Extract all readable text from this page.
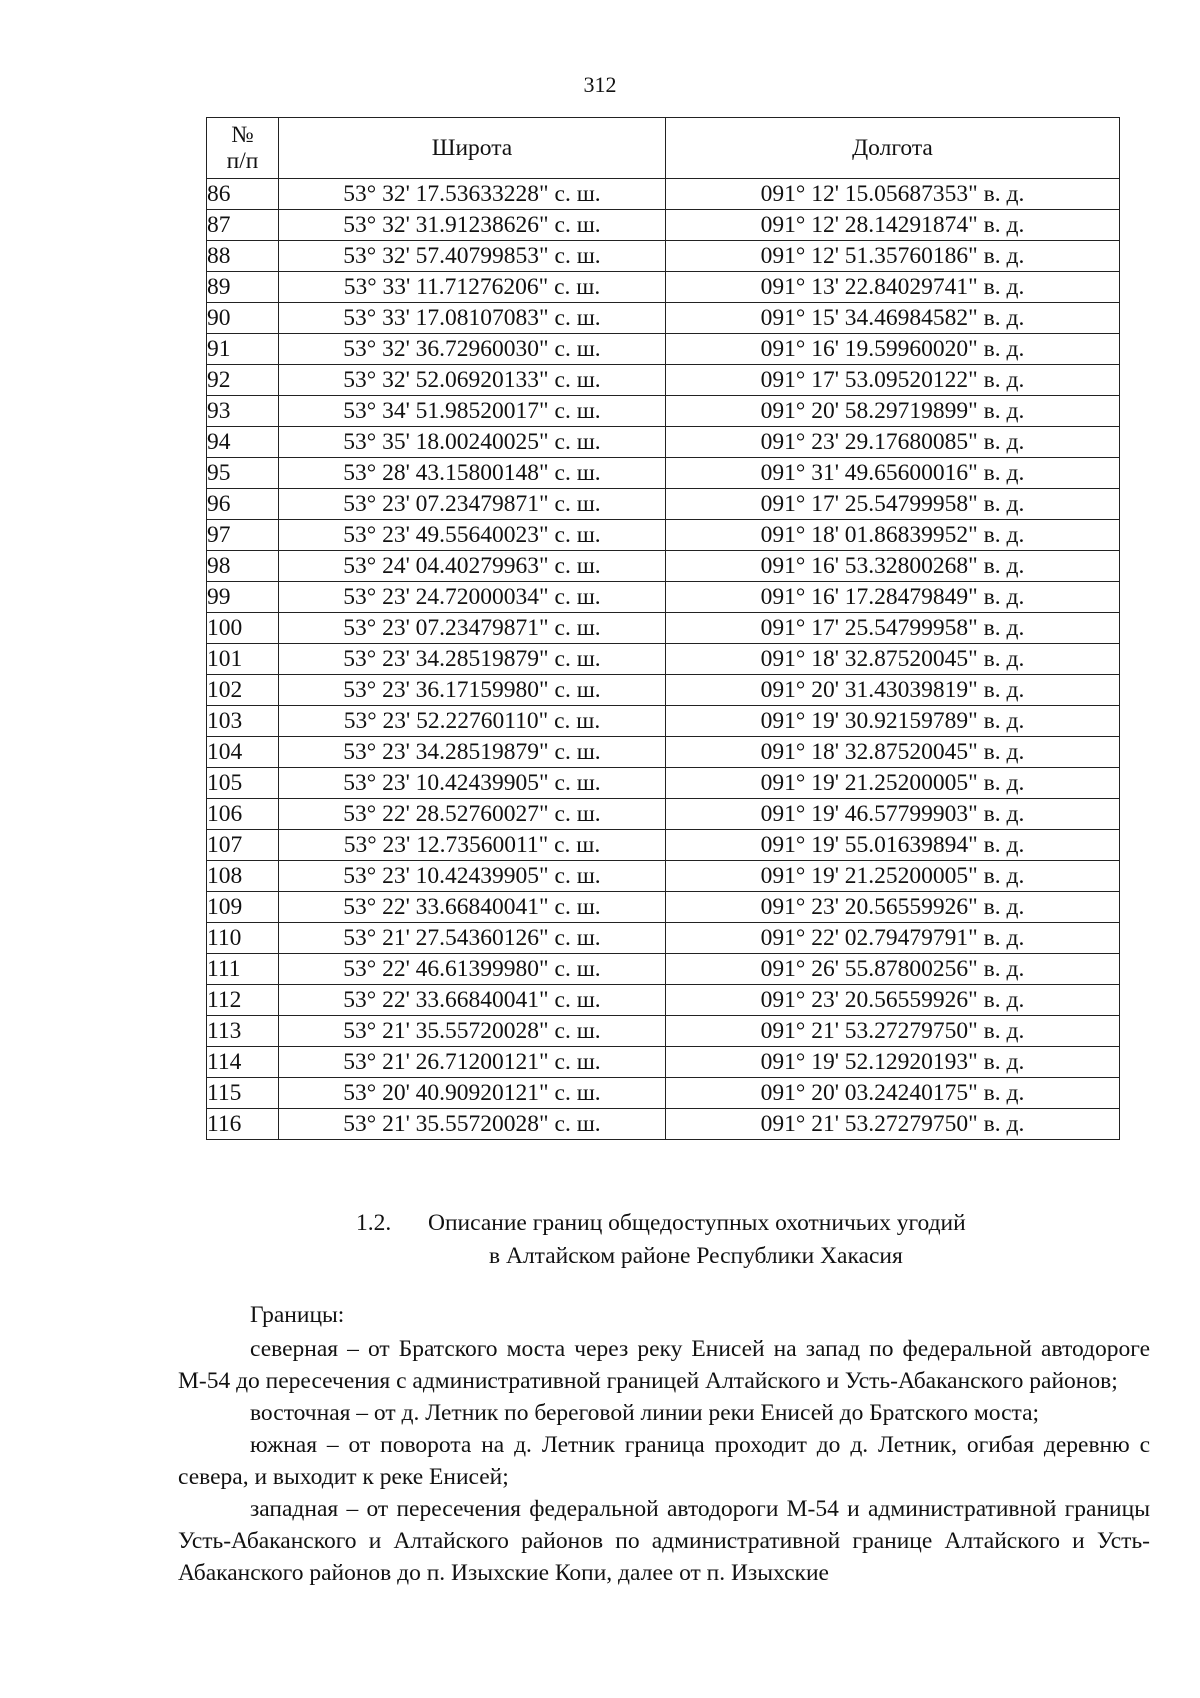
312
№
п/п	Широта	Долгота
86	53° 32' 17.53633228" с. ш.	091° 12' 15.05687353" в. д.
87	53° 32' 31.91238626" с. ш.	091° 12' 28.14291874" в. д.
88	53° 32' 57.40799853" с. ш.	091° 12' 51.35760186" в. д.
89	53° 33' 11.71276206" с. ш.	091° 13' 22.84029741" в. д.
90	53° 33' 17.08107083" с. ш.	091° 15' 34.46984582" в. д.
91	53° 32' 36.72960030" с. ш.	091° 16' 19.59960020" в. д.
92	53° 32' 52.06920133" с. ш.	091° 17' 53.09520122" в. д.
93	53° 34' 51.98520017" с. ш.	091° 20' 58.29719899" в. д.
94	53° 35' 18.00240025" с. ш.	091° 23' 29.17680085" в. д.
95	53° 28' 43.15800148" с. ш.	091° 31' 49.65600016" в. д.
96	53° 23' 07.23479871" с. ш.	091° 17' 25.54799958" в. д.
97	53° 23' 49.55640023" с. ш.	091° 18' 01.86839952" в. д.
98	53° 24' 04.40279963" с. ш.	091° 16' 53.32800268" в. д.
99	53° 23' 24.72000034" с. ш.	091° 16' 17.28479849" в. д.
100	53° 23' 07.23479871" с. ш.	091° 17' 25.54799958" в. д.
101	53° 23' 34.28519879" с. ш.	091° 18' 32.87520045" в. д.
102	53° 23' 36.17159980" с. ш.	091° 20' 31.43039819" в. д.
103	53° 23' 52.22760110" с. ш.	091° 19' 30.92159789" в. д.
104	53° 23' 34.28519879" с. ш.	091° 18' 32.87520045" в. д.
105	53° 23' 10.42439905" с. ш.	091° 19' 21.25200005" в. д.
106	53° 22' 28.52760027" с. ш.	091° 19' 46.57799903" в. д.
107	53° 23' 12.73560011" с. ш.	091° 19' 55.01639894" в. д.
108	53° 23' 10.42439905" с. ш.	091° 19' 21.25200005" в. д.
109	53° 22' 33.66840041" с. ш.	091° 23' 20.56559926" в. д.
110	53° 21' 27.54360126" с. ш.	091° 22' 02.79479791" в. д.
111	53° 22' 46.61399980" с. ш.	091° 26' 55.87800256" в. д.
112	53° 22' 33.66840041" с. ш.	091° 23' 20.56559926" в. д.
113	53° 21' 35.55720028" с. ш.	091° 21' 53.27279750" в. д.
114	53° 21' 26.71200121" с. ш.	091° 19' 52.12920193" в. д.
115	53° 20' 40.90920121" с. ш.	091° 20' 03.24240175" в. д.
116	53° 21' 35.55720028" с. ш.	091° 21' 53.27279750" в. д.
1.2. Описание границ общедоступных охотничьих угодий
в Алтайском районе Республики Хакасия

Границы:

северная – от Братского моста через реку Енисей на запад по федеральной автодороге М-54 до пересечения с административной границей Алтайского и Усть-Абаканского районов;

восточная – от д. Летник по береговой линии реки Енисей до Братского моста;

южная – от поворота на д. Летник граница проходит до д. Летник, огибая деревню с севера, и выходит к реке Енисей;

западная – от пересечения федеральной автодороги М-54 и административной границы Усть-Абаканского и Алтайского районов по административной границе Алтайского и Усть-Абаканского районов до п. Изыхские Копи, далее от п. Изыхские
